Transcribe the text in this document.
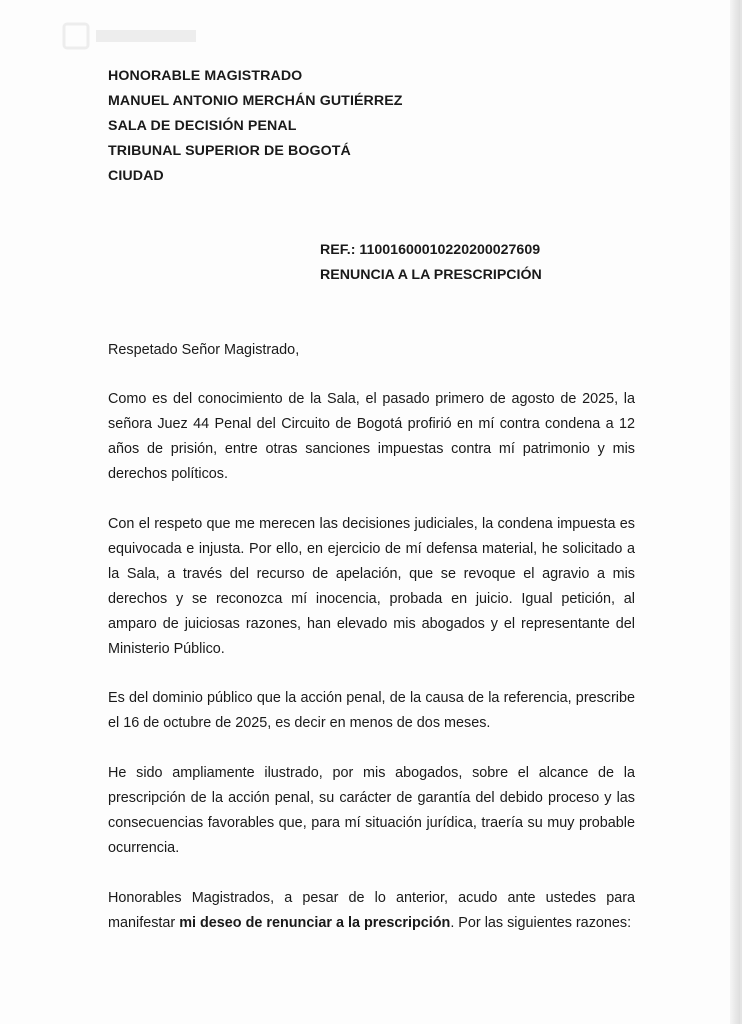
HONORABLE MAGISTRADO
MANUEL ANTONIO MERCHÁN GUTIÉRREZ
SALA DE DECISIÓN PENAL
TRIBUNAL SUPERIOR DE BOGOTÁ
CIUDAD
REF.: 11001600010220200027609
RENUNCIA A LA PRESCRIPCIÓN
Respetado Señor Magistrado,

Como es del conocimiento de la Sala, el pasado primero de agosto de 2025, la señora Juez 44 Penal del Circuito de Bogotá profirió en mí contra condena a 12 años de prisión, entre otras sanciones impuestas contra mí patrimonio y mis derechos políticos.

Con el respeto que me merecen las decisiones judiciales, la condena impuesta es equivocada e injusta. Por ello, en ejercicio de mí defensa material, he solicitado a la Sala, a través del recurso de apelación, que se revoque el agravio a mis derechos y se reconozca mí inocencia, probada en juicio. Igual petición, al amparo de juiciosas razones, han elevado mis abogados y el representante del Ministerio Público.

Es del dominio público que la acción penal, de la causa de la referencia, prescribe el 16 de octubre de 2025, es decir en menos de dos meses.

He sido ampliamente ilustrado, por mis abogados, sobre el alcance de la prescripción de la acción penal, su carácter de garantía del debido proceso y las consecuencias favorables que, para mí situación jurídica, traería su muy probable ocurrencia.

Honorables Magistrados, a pesar de lo anterior, acudo ante ustedes para manifestar mi deseo de renunciar a la prescripción. Por las siguientes razones:
